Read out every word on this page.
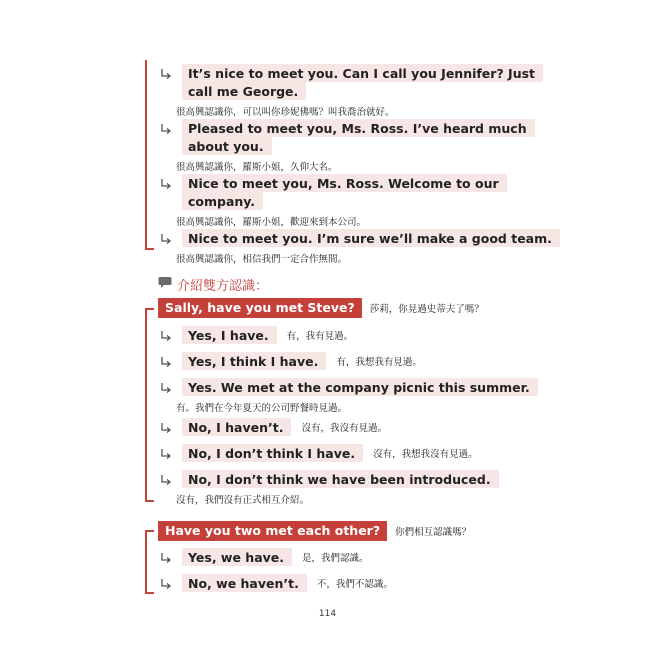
It’s nice to meet you. Can I call you Jennifer? Just
call me George.
很高興認識你，可以叫你珍妮佛嗎？叫我喬治就好。
Pleased to meet you, Ms. Ross. I’ve heard much
about you.
很高興認識你，羅斯小姐，久仰大名。
Nice to meet you, Ms. Ross. Welcome to our
company.
很高興認識你，羅斯小姐，歡迎來到本公司。
Nice to meet you. I’m sure we’ll make a good team.
很高興認識你，相信我們一定合作無間。
介紹雙方認識：
Sally, have you met Steve?	莎莉，你見過史蒂夫了嗎？
Yes, I have.	有，我有見過。
Yes, I think I have.	有，我想我有見過。
Yes. We met at the company picnic this summer.
有。我們在今年夏天的公司野餐時見過。
No, I haven’t.	沒有，我沒有見過。
No, I don’t think I have.	沒有，我想我沒有見過。
No, I don’t think we have been introduced.
沒有，我們沒有正式相互介紹。
Have you two met each other?	你們相互認識嗎？
Yes, we have.	是，我們認識。
No, we haven’t.	不，我們不認識。
114
